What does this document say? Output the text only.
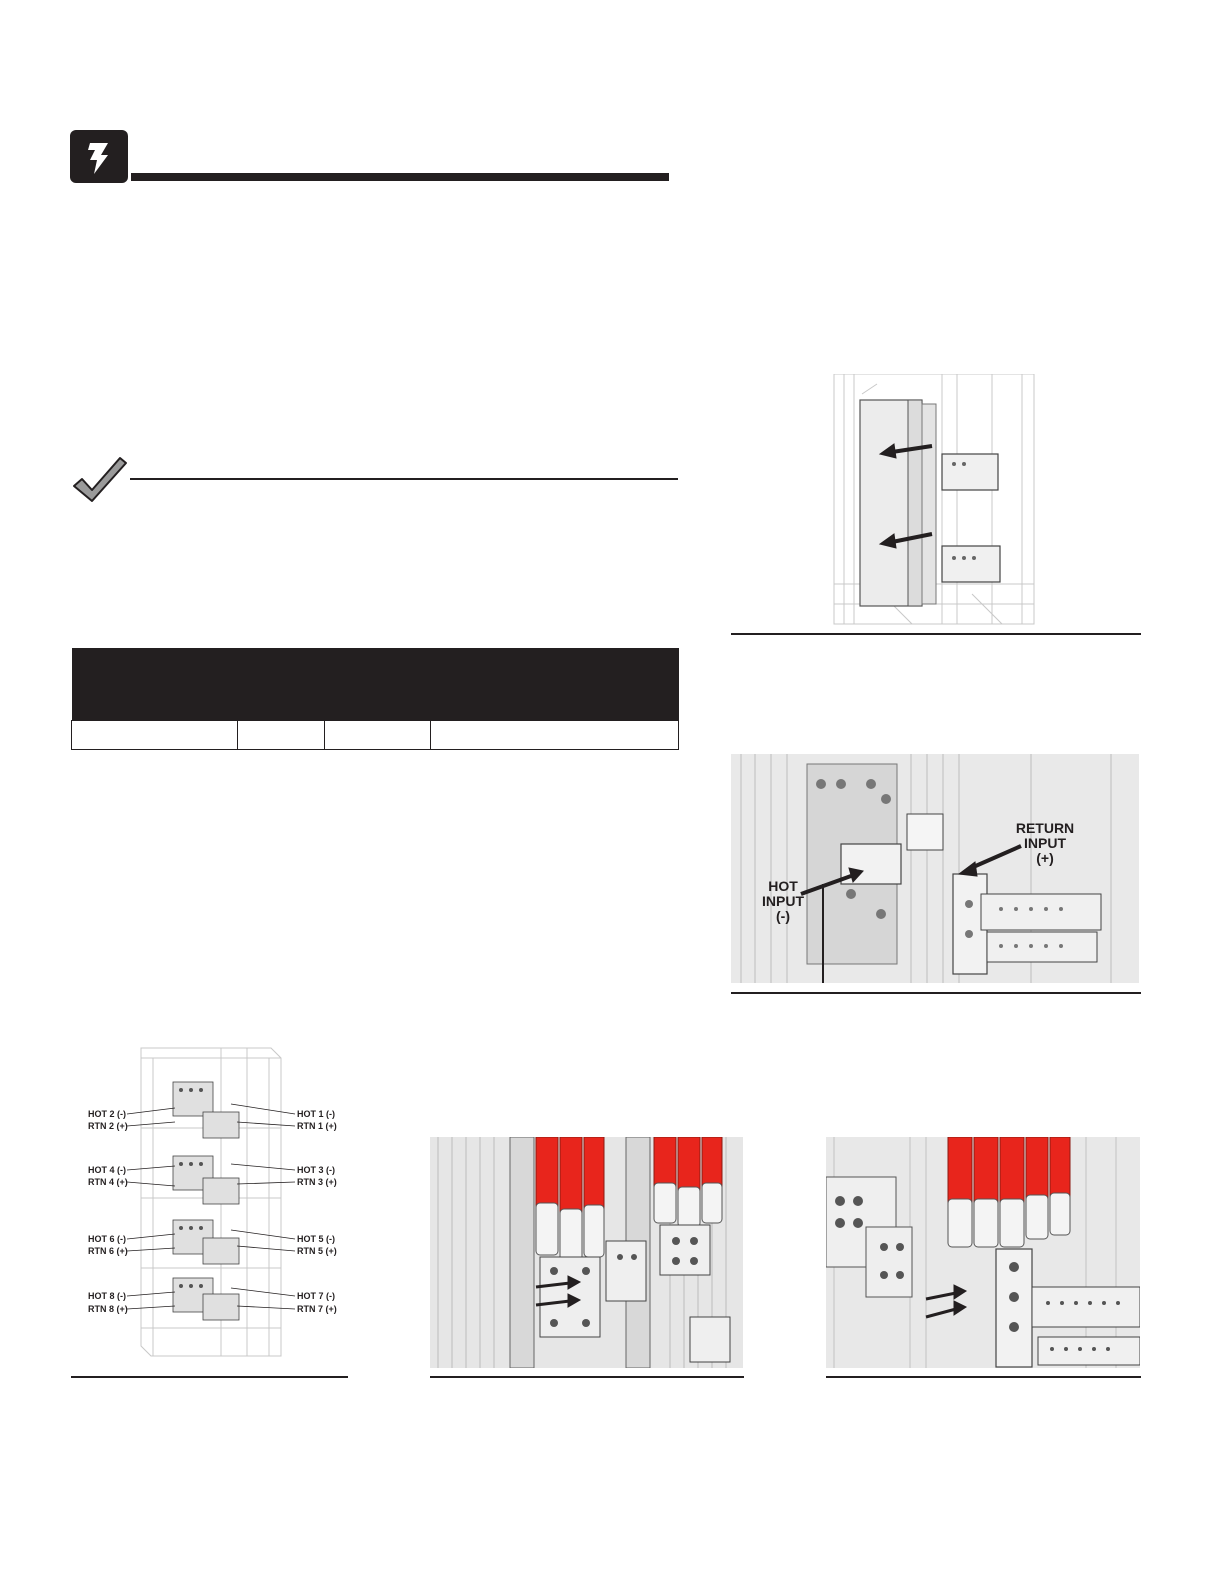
HOT
INPUT
(-)
RETURN
INPUT
(+)
HOT 2 (-)
RTN 2 (+)
HOT 4 (-)
RTN 4 (+)
HOT 6 (-)
RTN 6 (+)
HOT 8 (-)
RTN 8 (+)
HOT 1 (-)
RTN 1 (+)
HOT 3 (-)
RTN 3 (+)
HOT 5 (-)
RTN 5 (+)
HOT 7 (-)
RTN 7 (+)
